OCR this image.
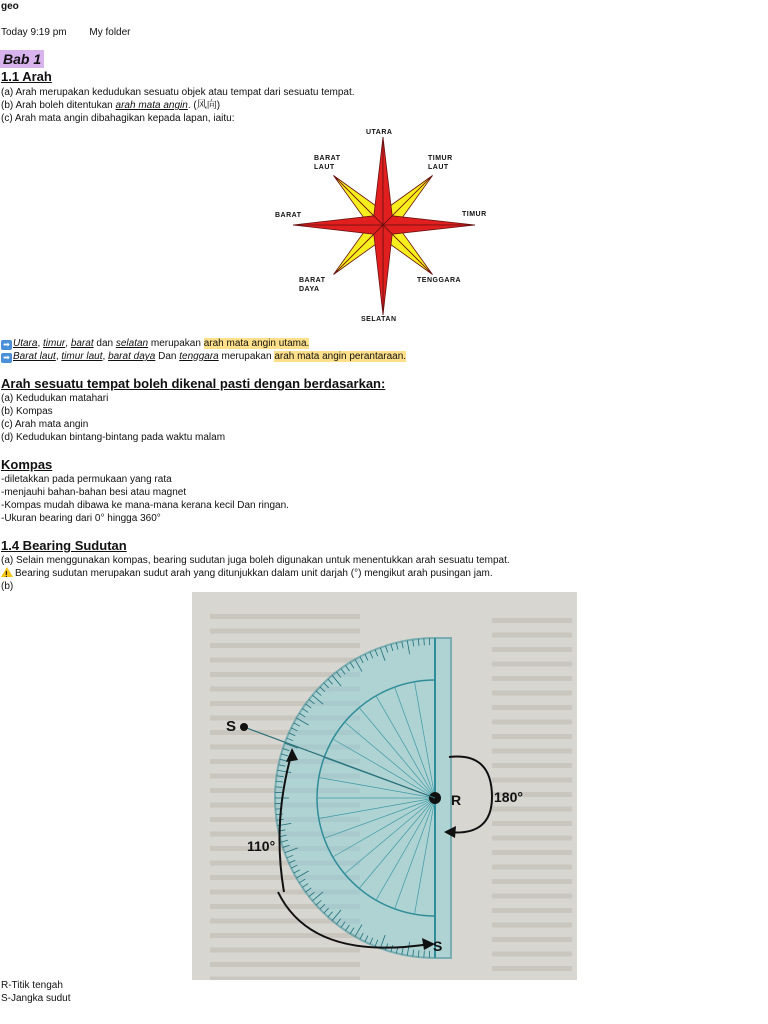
geo
Today 9:19 pm My folder
Bab 1
1.1 Arah
(a) Arah merupakan kedudukan sesuatu objek atau tempat dari sesuatu tempat.
(b) Arah boleh ditentukan arah mata angin. (风向)
(c) Arah mata angin dibahagikan kepada lapan, iaitu:
UTARA
TIMUR
LAUT
TIMUR
TENGGARA
SELATAN
BARAT
DAYA
BARAT
BARAT
LAUT
➡ Utara, timur, barat dan selatan merupakan arah mata angin utama.
➡ Barat laut, timur laut, barat daya Dan tenggara merupakan arah mata angin perantaraan.
Arah sesuatu tempat boleh dikenal pasti dengan berdasarkan:
(a) Kedudukan matahari
(b) Kompas
(c) Arah mata angin
(d) Kedudukan bintang-bintang pada waktu malam
Kompas
-diletakkan pada permukaan yang rata
-menjauhi bahan-bahan besi atau magnet
-Kompas mudah dibawa ke mana-mana kerana kecil Dan ringan.
-Ukuran bearing dari 0° hingga 360°
1.4 Bearing Sudutan
(a) Selain menggunakan kompas, bearing sudutan juga boleh digunakan untuk menentukkan arah sesuatu tempat.
!Bearing sudutan merupakan sudut arah yang ditunjukkan dalam unit darjah (°) mengikut arah pusingan jam.
(b)
S
R 180°
110°
S
R-Titik tengah
S-Jangka sudut
